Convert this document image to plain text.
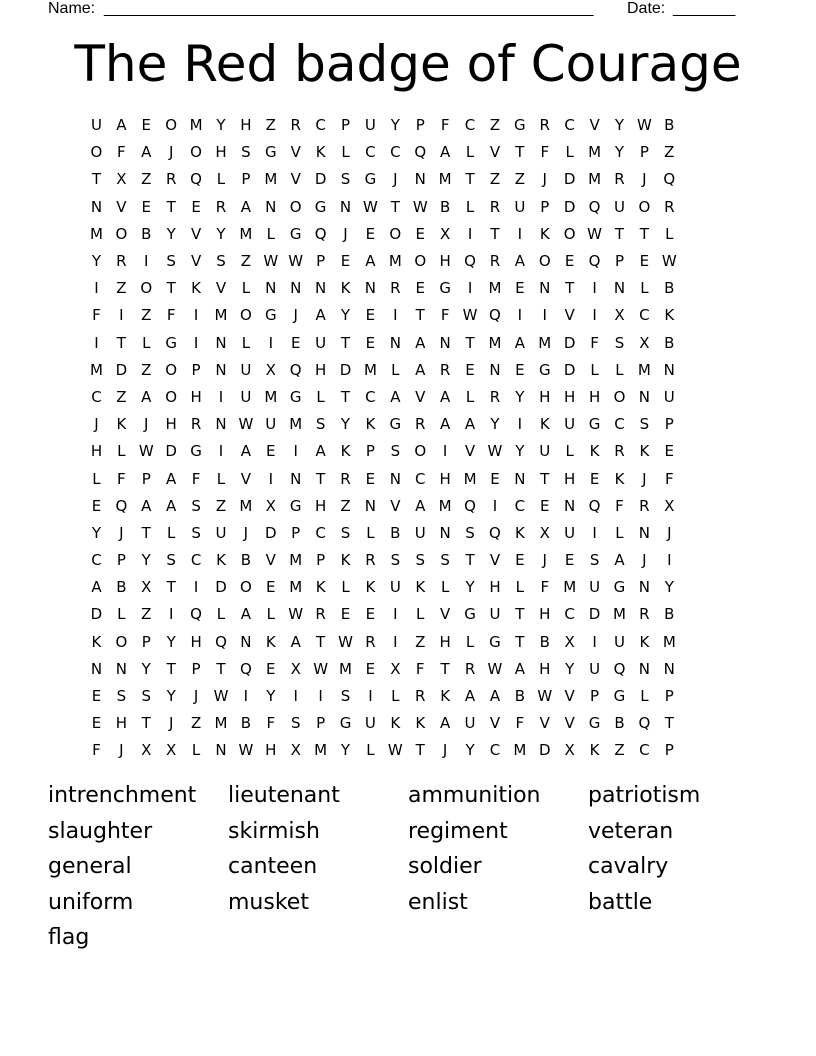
Name: _______________________________________________________ Date: _______
The Red badge of Courage
U A	E O M Y H Z R C	P U Y	P	F	C Z G R C V	Y W B
O F	A	J	O H S G V K	L	C C Q A	L	V	T	F	L M Y	P	Z
T	X Z R Q L	P M V D S G	J	N M T	Z Z	J	D M R	J	Q
N V	E	T	E R A N O G N W T W B	L	R U P D Q U O R
M O B	Y	V	Y M L G Q	J	E O E	X	I	T	I	K O W T	T	L
Y	R	I	S	V	S	Z W W P	E	A M O H Q R A O E Q P	E W
I	Z O T	K V	L	N N N K N R E G	I	M E N T	I	N	L	B
F	I	Z	F	I	M O G	J	A	Y	E	I	T	F W Q	I	I	V	I	X C K
I	T	L G	I	N	L	I	E U T	E N A N T M A M D F	S	X B
M D Z O P N U X Q H D M L	A R E N E G D L	L M N
C Z A O H	I	U M G L	T	C A V A	L	R	Y H H H O N U
J	K	J	H R N W U M S	Y	K G R A A	Y	I	K U G C S	P
H	L W D G	I	A	E	I	A K	P	S O	I	V W Y U	L	K R K	E
L	F	P	A	F	L	V	I	N T	R E N C H M E N T H E	K	J	F
E Q A A	S	Z M X G H Z N V A M Q	I	C E N Q F	R X
Y	J	T	L	S U	J	D P	C S	L	B U N S Q K X U	I	L	N	J
C	P	Y	S C K B V M P	K R S	S	S	T	V	E	J	E	S	A	J	I
A B X	T	I	D O E M K	L	K U K	L	Y H	L	F M U G N Y
D L	Z	I	Q L	A	L W R E	E	I	L	V G U T H C D M R B
K O P	Y H Q N K A	T W R	I	Z H	L G T	B X	I	U K M
N N Y	T	P	T Q E	X W M E	X	F	T	R W A H Y U Q N N
E	S	S	Y	J	W	I	Y	I	I	S	I	L	R K A A B W V	P G L	P
E H T	J	Z M B	F	S	P G U K	K A U V	F	V V G B Q T
F	J	X X	L	N W H X M Y	L W T	J	Y	C M D X K Z C	P
intrenchment	lieutenant	ammunition	patriotism
slaughter	skirmish	regiment	veteran
general	canteen	soldier	cavalry
uniform	musket	enlist	battle
flag
